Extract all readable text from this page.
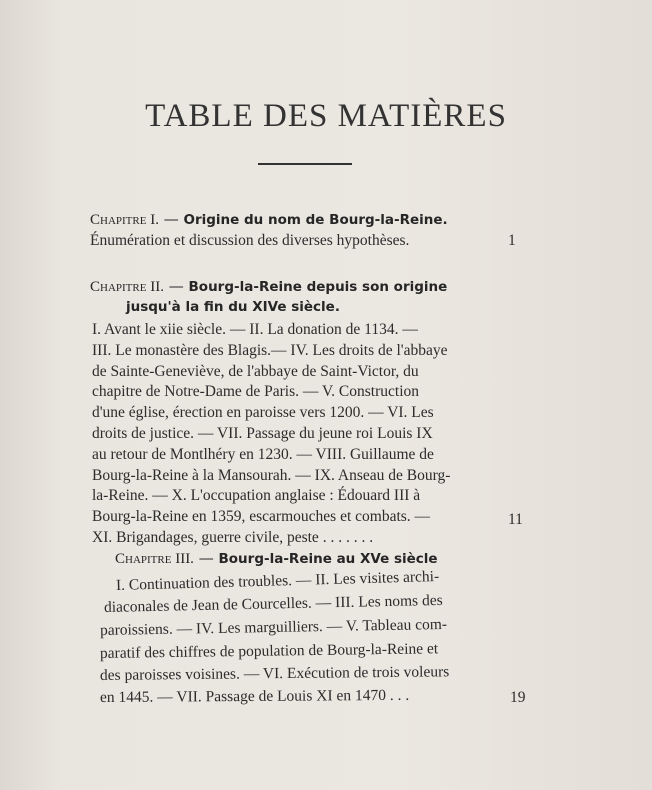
TABLE DES MATIÈRES
Chapitre I. — Origine du nom de Bourg-la-Reine.
Énumération et discussion des diverses hypothèses.	1
Chapitre II. — Bourg-la-Reine depuis son origine
jusqu'à la fin du XIVe siècle.
I. Avant le xiie siècle. — II. La donation de 1134. —
III. Le monastère des Blagis.— IV. Les droits de l'abbaye
de Sainte-Geneviève, de l'abbaye de Saint-Victor, du
chapitre de Notre-Dame de Paris. — V. Construction
d'une église, érection en paroisse vers 1200. — VI. Les
droits de justice. — VII. Passage du jeune roi Louis IX
au retour de Montlhéry en 1230. — VIII. Guillaume de
Bourg-la-Reine à la Mansourah. — IX. Anseau de Bourg-
la-Reine. — X. L'occupation anglaise : Édouard III à
Bourg-la-Reine en 1359, escarmouches et combats. —
XI. Brigandages, guerre civile, peste . . . . . . .
11
Chapitre III. — Bourg-la-Reine au XVe siècle
I. Continuation des troubles. — II. Les visites archi-
diaconales de Jean de Courcelles. — III. Les noms des
paroissiens. — IV. Les marguilliers. — V. Tableau com-
paratif des chiffres de population de Bourg-la-Reine et
des paroisses voisines. — VI. Exécution de trois voleurs
en 1445. — VII. Passage de Louis XI en 1470 . . .	19
